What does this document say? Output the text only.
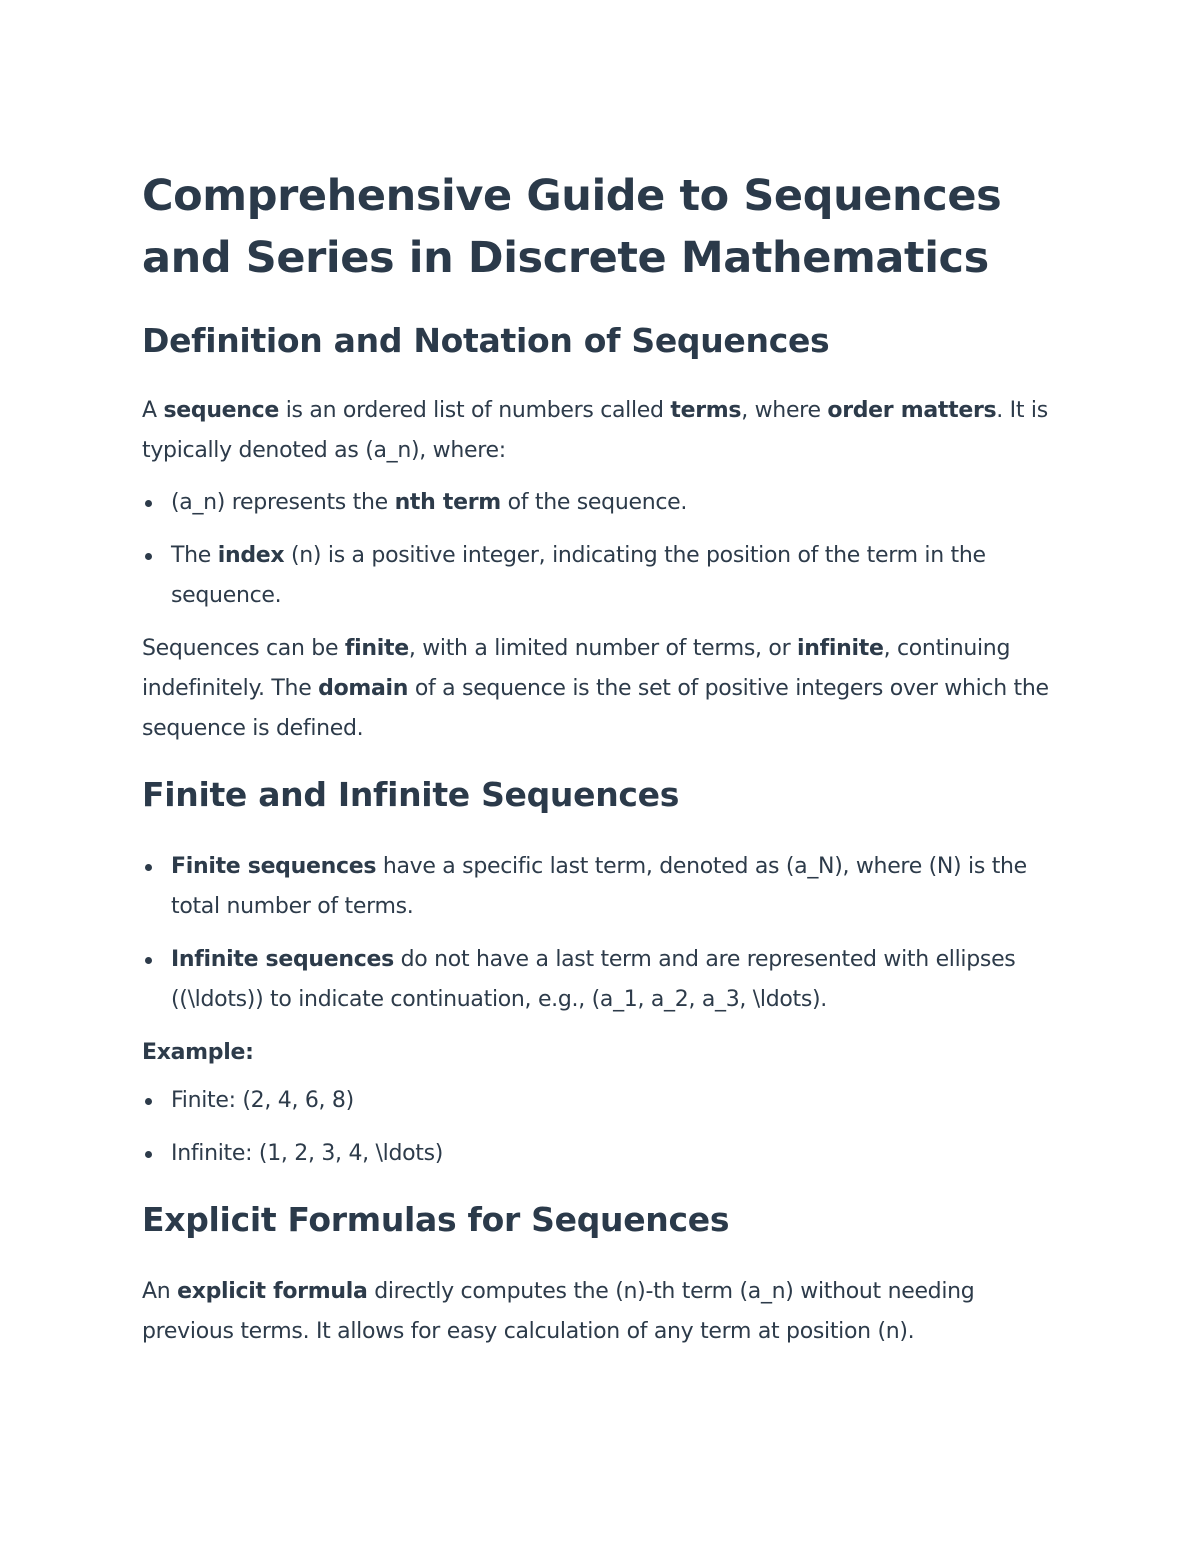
Comprehensive Guide to Sequences and Series in Discrete Mathematics
Definition and Notation of Sequences

A sequence is an ordered list of numbers called terms, where order matters. It is typically denoted as (a_n), where:

(a_n) represents the nth term of the sequence.
The index (n) is a positive integer, indicating the position of the term in the sequence.

Sequences can be finite, with a limited number of terms, or infinite, continuing indefinitely. The domain of a sequence is the set of positive integers over which the sequence is defined.

Finite and Infinite Sequences
Finite sequences have a specific last term, denoted as (a_N), where (N) is the total number of terms.
Infinite sequences do not have a last term and are represented with ellipses ((\ldots)) to indicate continuation, e.g., (a_1, a_2, a_3, \ldots).

Example:

Finite: (2, 4, 6, 8)
Infinite: (1, 2, 3, 4, \ldots)
Explicit Formulas for Sequences

An explicit formula directly computes the (n)-th term (a_n) without needing previous terms. It allows for easy calculation of any term at position (n).
